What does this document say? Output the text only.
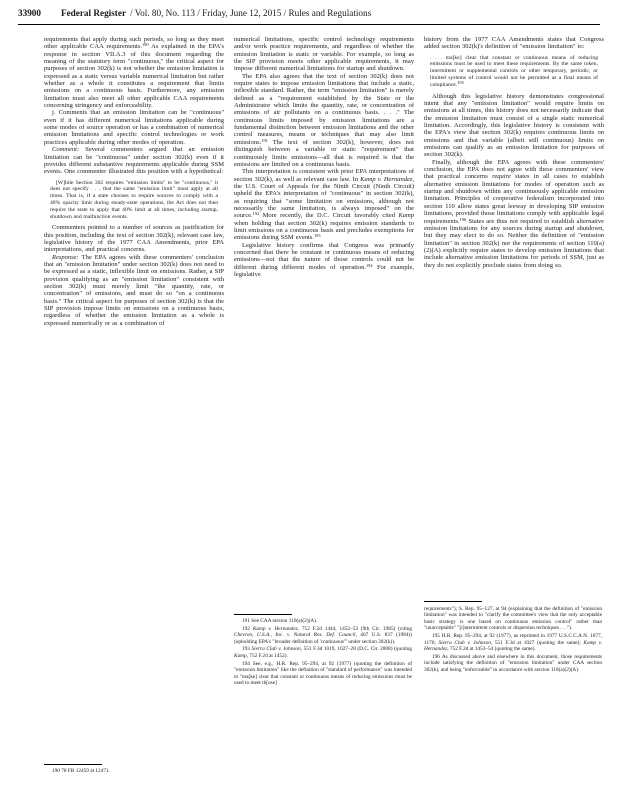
33900 Federal Register / Vol. 80, No. 113 / Friday, June 12, 2015 / Rules and Regulations

requirements that apply during such periods, so long as they meet other applicable CAA requirements.$^{190}$ As explained in the EPA's response in section VII.A.3 of this document regarding the meaning of the statutory term "continuous," the critical aspect for purposes of section 302(k) is not whether the emission limitation is expressed as a static versus variable numerical limitation but rather whether as a whole it constitutes a requirement that limits emissions on a continuous basis. Furthermore, any emission limitation must also meet all other applicable CAA requirements concerning stringency and enforceability.

j. Comments that an emission limitation can be "continuous" even if it has different numerical limitations applicable during some modes of source operation or has a combination of numerical emission limitations and specific control technologies or work practices applicable during other modes of operation.

Comment: Several commenters argued that an emission limitation can be "continuous" under section 302(k) even if it provides different substantive requirements applicable during SSM events. One commenter illustrated this position with a hypothetical:

[W]hile Section 302 requires "emission limits" to be "continuous," it does not specify . . . that the same "emission limit" must apply at all times. That is, if a state chooses to require sources to comply with a 40% opacity limit during steady-state operations, the Act does not then require the state to apply that 40% limit at all times, including startup, shutdown and malfunction events.

Commenters pointed to a number of sources as justification for this position, including the text of section 302(k), relevant case law, legislative history of the 1977 CAA Amendments, prior EPA interpretations, and practical concerns.

Response: The EPA agrees with these commenters' conclusion that an "emission limitation" under section 302(k) does not need to be expressed as a static, inflexible limit on emissions. Rather, a SIP provision qualifying as an "emission limitation" consistent with section 302(k) must merely limit "the quantity, rate, or concentration" of emissions, and must do so "on a continuous basis." The critical aspect for purposes of section 302(k) is that the SIP provision impose limits on emissions on a continuous basis, regardless of whether the emission limitation as a whole is expressed numerically or as a combination of

190 78 FR 12459 at 12471.

numerical limitations, specific control technology requirements and/or work practice requirements, and regardless of whether the emission limitation is static or variable. For example, so long as the SIP provision meets other applicable requirements, it may impose different numerical limitations for startup and shutdown.

The EPA also agrees that the text of section 302(k) does not require states to impose emission limitations that include a static, inflexible standard. Rather, the term "emission limitation" is merely defined as a "requirement established by the State or the Administrator which limits the quantity, rate, or concentration of emissions of air pollutants on a continuous basis. . . ." The continuous limits imposed by emission limitations are a fundamental distinction between emission limitations and the other control measures, means or techniques that may also limit emissions.$^{191}$ The text of section 302(k), however, does not distinguish between a variable or static "requirement" that continuously limits emissions—all that is required is that the emissions are limited on a continuous basis.

This interpretation is consistent with prior EPA interpretations of section 302(k), as well as relevant case law. In Kamp v. Hernandez, the U.S. Court of Appeals for the Ninth Circuit (Ninth Circuit) upheld the EPA's interpretation of "continuous" in section 302(k), as requiring that "some limitation on emissions, although not necessarily the same limitation, is always imposed" on the source.$^{192}$ More recently, the D.C. Circuit favorably cited Kamp when holding that section 302(k) requires emission standards to limit emissions on a continuous basis and precludes exemptions for emissions during SSM events.$^{193}$

Legislative history confirms that Congress was primarily concerned that there be constant or continuous means of reducing emissions—not that the nature of those controls could not be different during different modes of operation.$^{194}$ For example, legislative

191 See CAA section 110(a)(2)(A).

192 Kamp v. Hernandez, 752 F.2d 1444, 1452–53 (9th Cir. 1985) (citing Chevron, U.S.A., Inc. v. Natural Res. Def. Council, 467 U.S. 837 (1984)) (upholding EPA's "broader definition of 'continuous'" under section 302(k)).

193 Sierra Club v. Johnson, 551 F.3d 1019, 1027–28 (D.C. Cir. 2008) (quoting Kamp, 752 F.2d at 1452).

194 See, e.g., H.R. Rep. 95–294, at 92 (1977) (quoting the definition of "emission limitation" like the definition of "standard of performance" was intended to "ma[ke] clear that constant or continuous means of reducing emissions must be used to meet th[ose]

history from the 1977 CAA Amendments states that Congress added section 302(k)'s definition of "emission limitation" to:

. . . ma[ke] clear that constant or continuous means of reducing emissions must be used to meet these requirements. By the same token, intermittent or supplemental controls or other temporary, periodic, or limited systems of control would not be permitted as a final means of compliance.$^{195}$

Although this legislative history demonstrates congressional intent that any "emission limitation" would require limits on emissions at all times, this history does not necessarily indicate that the emission limitation must consist of a single static numerical limitation. Accordingly, this legislative history is consistent with the EPA's view that section 302(k) requires continuous limits on emissions and that variable (albeit still continuous) limits on emissions can qualify as an emission limitation for purposes of section 302(k).

Finally, although the EPA agrees with these commenters' conclusion, the EPA does not agree with these commenters' view that practical concerns require states in all cases to establish alternative emission limitations for modes of operation such as startup and shutdown within any continuously applicable emission limitation. Principles of cooperative federalism incorporated into section 110 allow states great leeway in developing SIP emission limitations, provided those limitations comply with applicable legal requirements.$^{196}$ States are thus not required to establish alternative emission limitations for any sources during startup and shutdown, but they may elect to do so. Neither the definition of "emission limitation" in section 302(k) nor the requirements of section 110(a)(2)(A) explicitly require states to develop emission limitations that include alternative emission limitations for periods of SSM, just as they do not explicitly preclude states from doing so.

requirements"); S. Rep. 95–127, at 94 (explaining that the definition of "emission limitation" was intended to "clarify the committee's view that the only acceptable basic strategy is one based on continuous emission control" rather than "unacceptable" "[i]ntermittent controls or dispersion techniques . . .").

195 H.R. Rep. 95–294, at 92 (1977), as reprinted in 1977 U.S.C.C.A.N. 1077, 1170; Sierra Club v. Johnson, 551 F.3d at 1027 (quoting the same); Kamp v. Hernandez, 752 F.2d at 1453–54 (quoting the same).

196 As discussed above and elsewhere in this document, those requirements include satisfying the definition of "emission limitation" under CAA section 302(k), and being "enforceable" in accordance with section 110(a)(2)(A).
